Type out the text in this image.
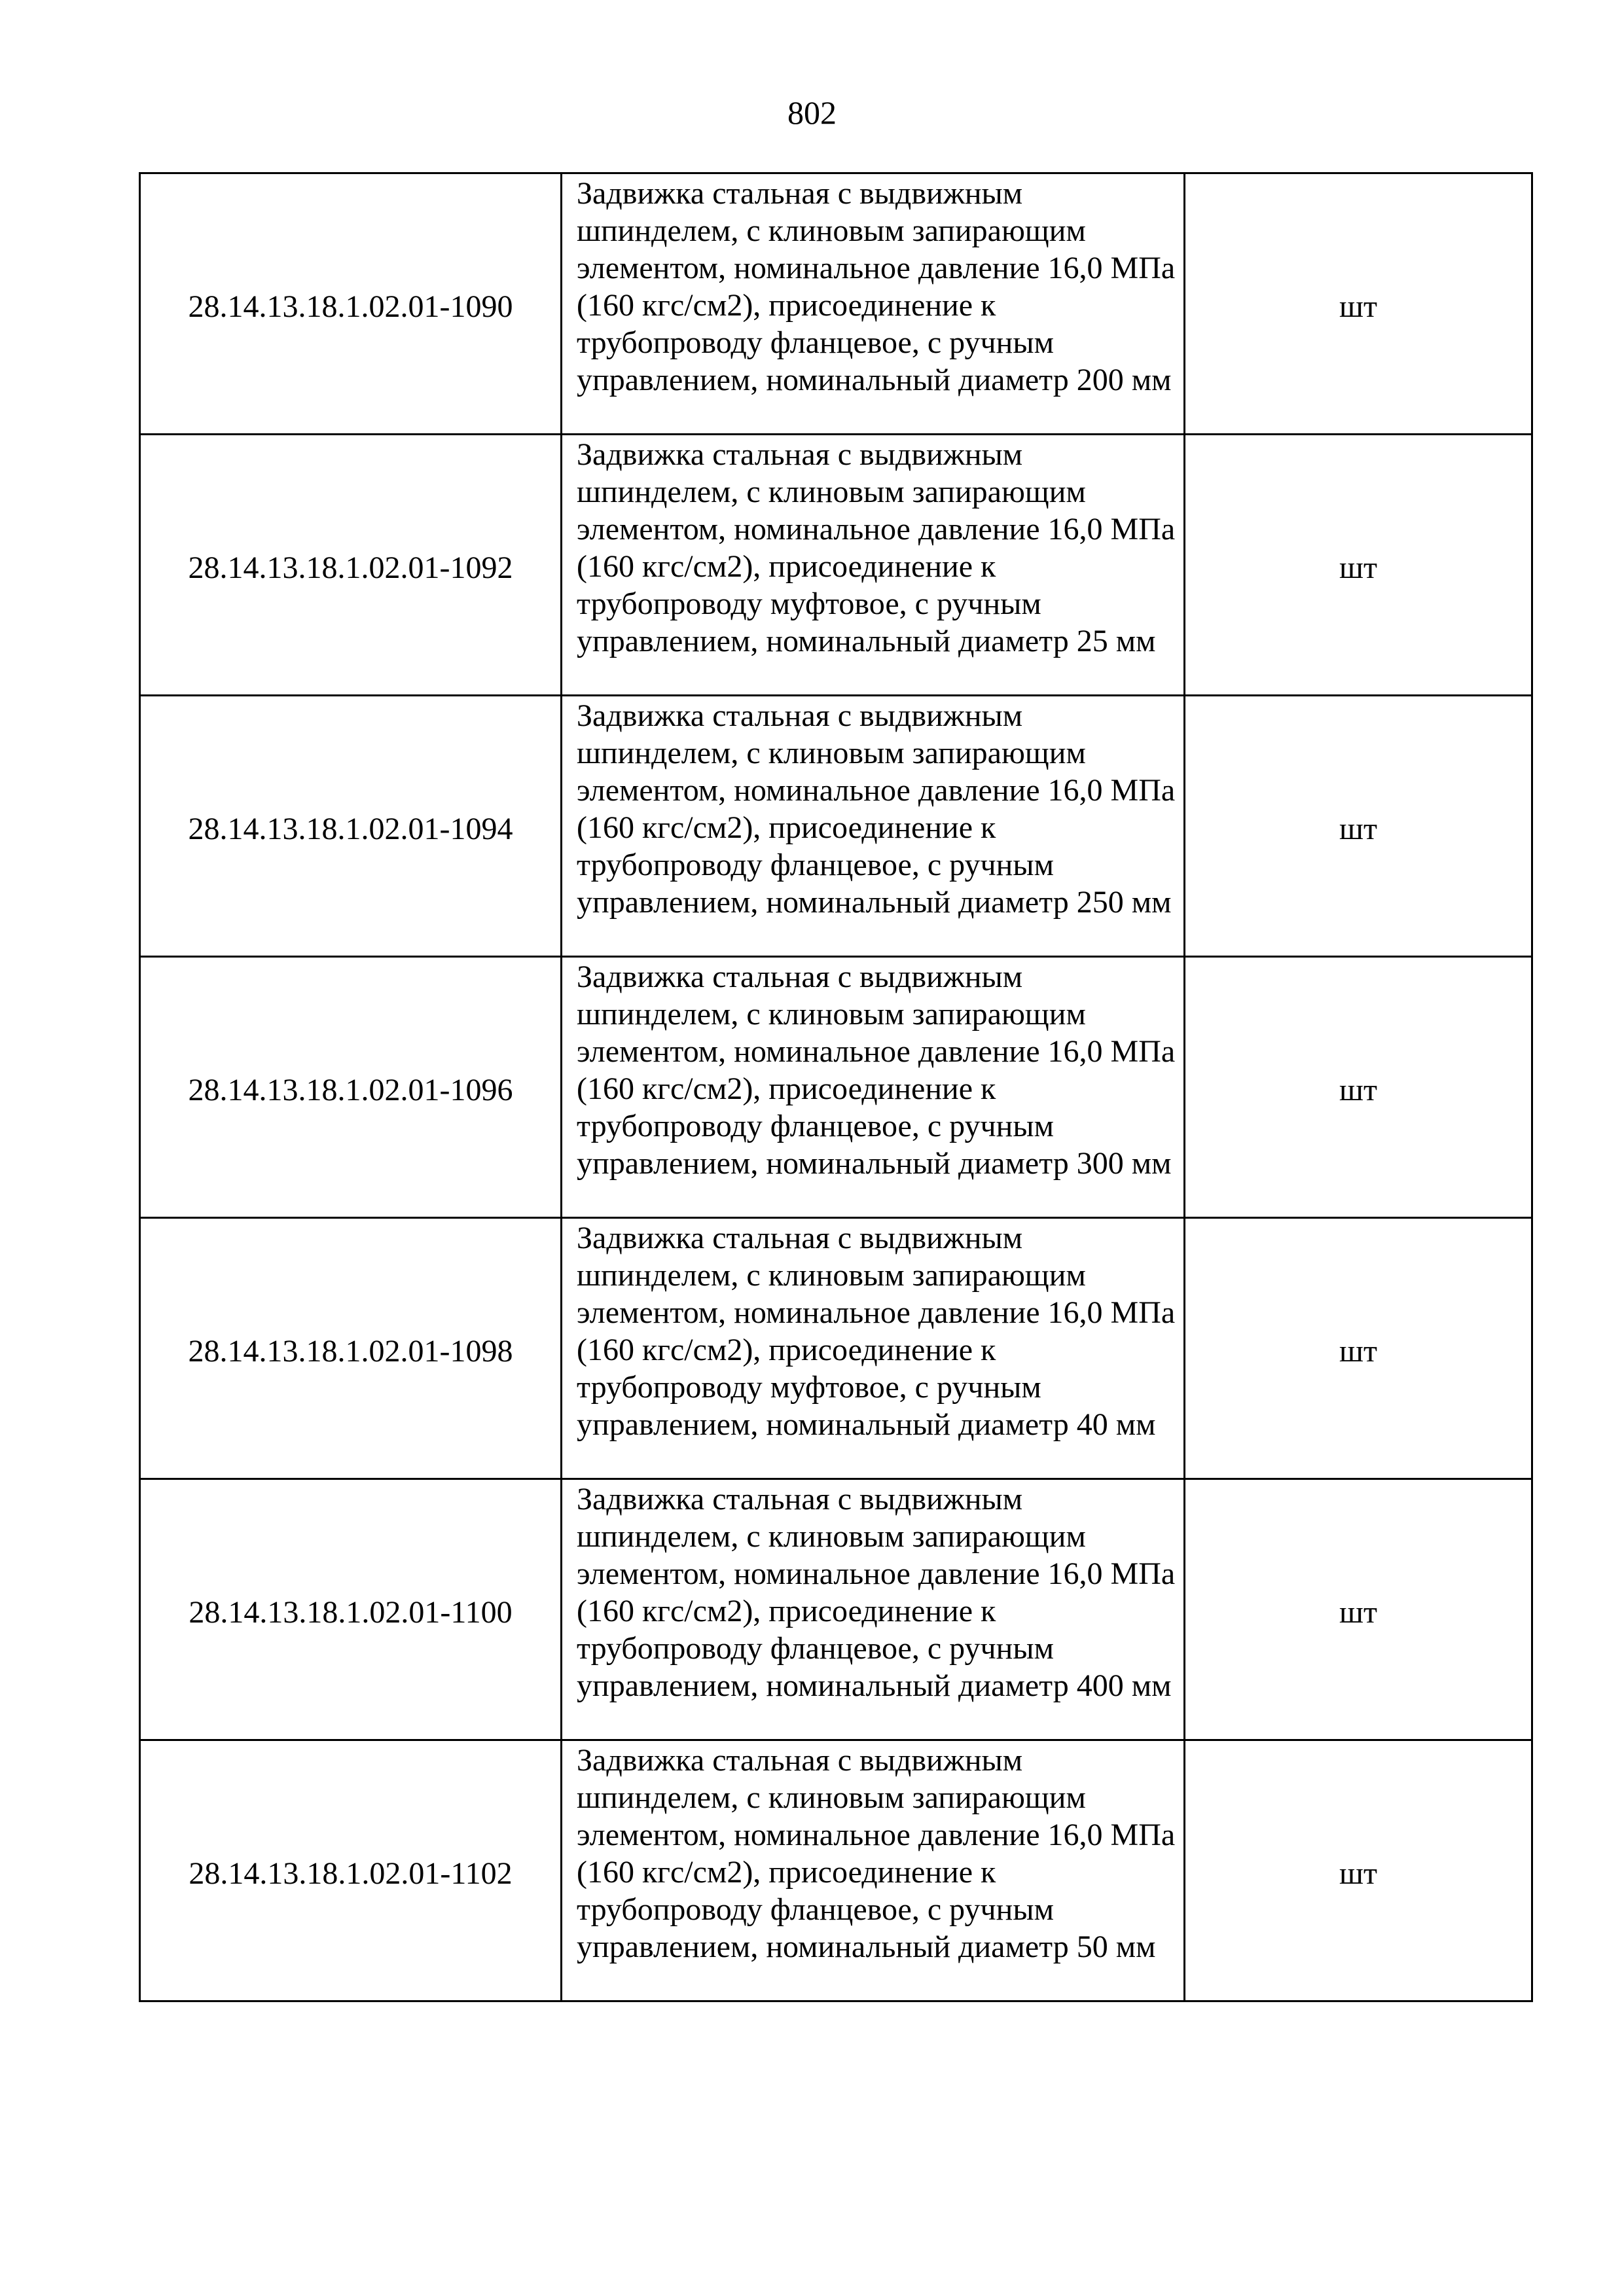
802
28.14.13.18.1.02.01-1090	Задвижка стальная с выдвижным шпинделем, с клиновым запирающим элементом, номинальное давление 16,0 МПа (160 кгс/см2), присоединение к трубопроводу фланцевое, с ручным управлением, номинальный диаметр 200 мм	шт
28.14.13.18.1.02.01-1092	Задвижка стальная с выдвижным шпинделем, с клиновым запирающим элементом, номинальное давление 16,0 МПа (160 кгс/см2), присоединение к трубопроводу муфтовое, с ручным управлением, номинальный диаметр 25 мм	шт
28.14.13.18.1.02.01-1094	Задвижка стальная с выдвижным шпинделем, с клиновым запирающим элементом, номинальное давление 16,0 МПа (160 кгс/см2), присоединение к трубопроводу фланцевое, с ручным управлением, номинальный диаметр 250 мм	шт
28.14.13.18.1.02.01-1096	Задвижка стальная с выдвижным шпинделем, с клиновым запирающим элементом, номинальное давление 16,0 МПа (160 кгс/см2), присоединение к трубопроводу фланцевое, с ручным управлением, номинальный диаметр 300 мм	шт
28.14.13.18.1.02.01-1098	Задвижка стальная с выдвижным шпинделем, с клиновым запирающим элементом, номинальное давление 16,0 МПа (160 кгс/см2), присоединение к трубопроводу муфтовое, с ручным управлением, номинальный диаметр 40 мм	шт
28.14.13.18.1.02.01-1100	Задвижка стальная с выдвижным шпинделем, с клиновым запирающим элементом, номинальное давление 16,0 МПа (160 кгс/см2), присоединение к трубопроводу фланцевое, с ручным управлением, номинальный диаметр 400 мм	шт
28.14.13.18.1.02.01-1102	Задвижка стальная с выдвижным шпинделем, с клиновым запирающим элементом, номинальное давление 16,0 МПа (160 кгс/см2), присоединение к трубопроводу фланцевое, с ручным управлением, номинальный диаметр 50 мм	шт
